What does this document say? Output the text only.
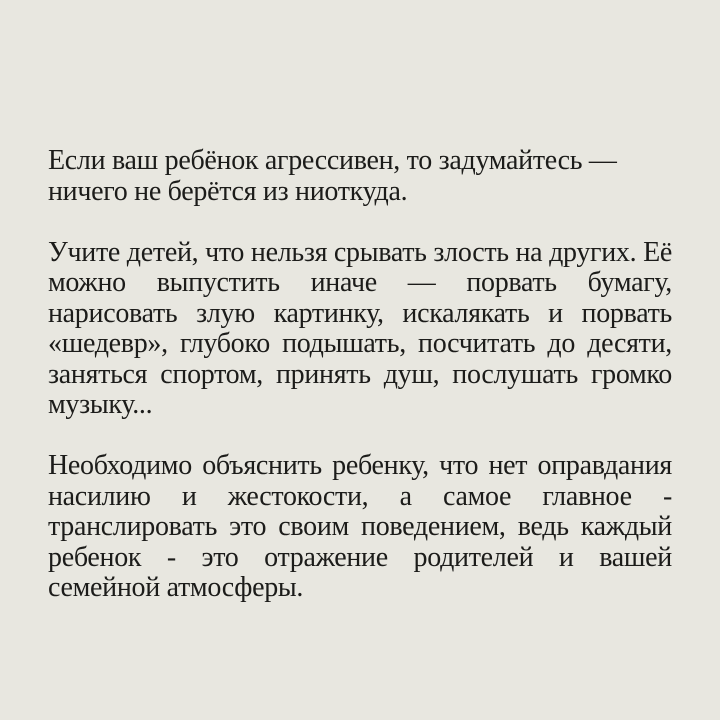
Если ваш ребёнок агрессивен, то задумайтесь — ничего не берётся из ниоткуда.

Учите детей, что нельзя срывать злость на других. Её можно выпустить иначе — порвать бумагу, нарисовать злую картинку, искалякать и порвать «шедевр», глубоко подышать, посчитать до десяти, заняться спортом, принять душ, послушать громко музыку...

Необходимо объяснить ребенку, что нет оправдания насилию и жестокости, а самое главное - транслировать это своим поведением, ведь каждый ребенок - это отражение родителей и вашей семейной атмосферы.
